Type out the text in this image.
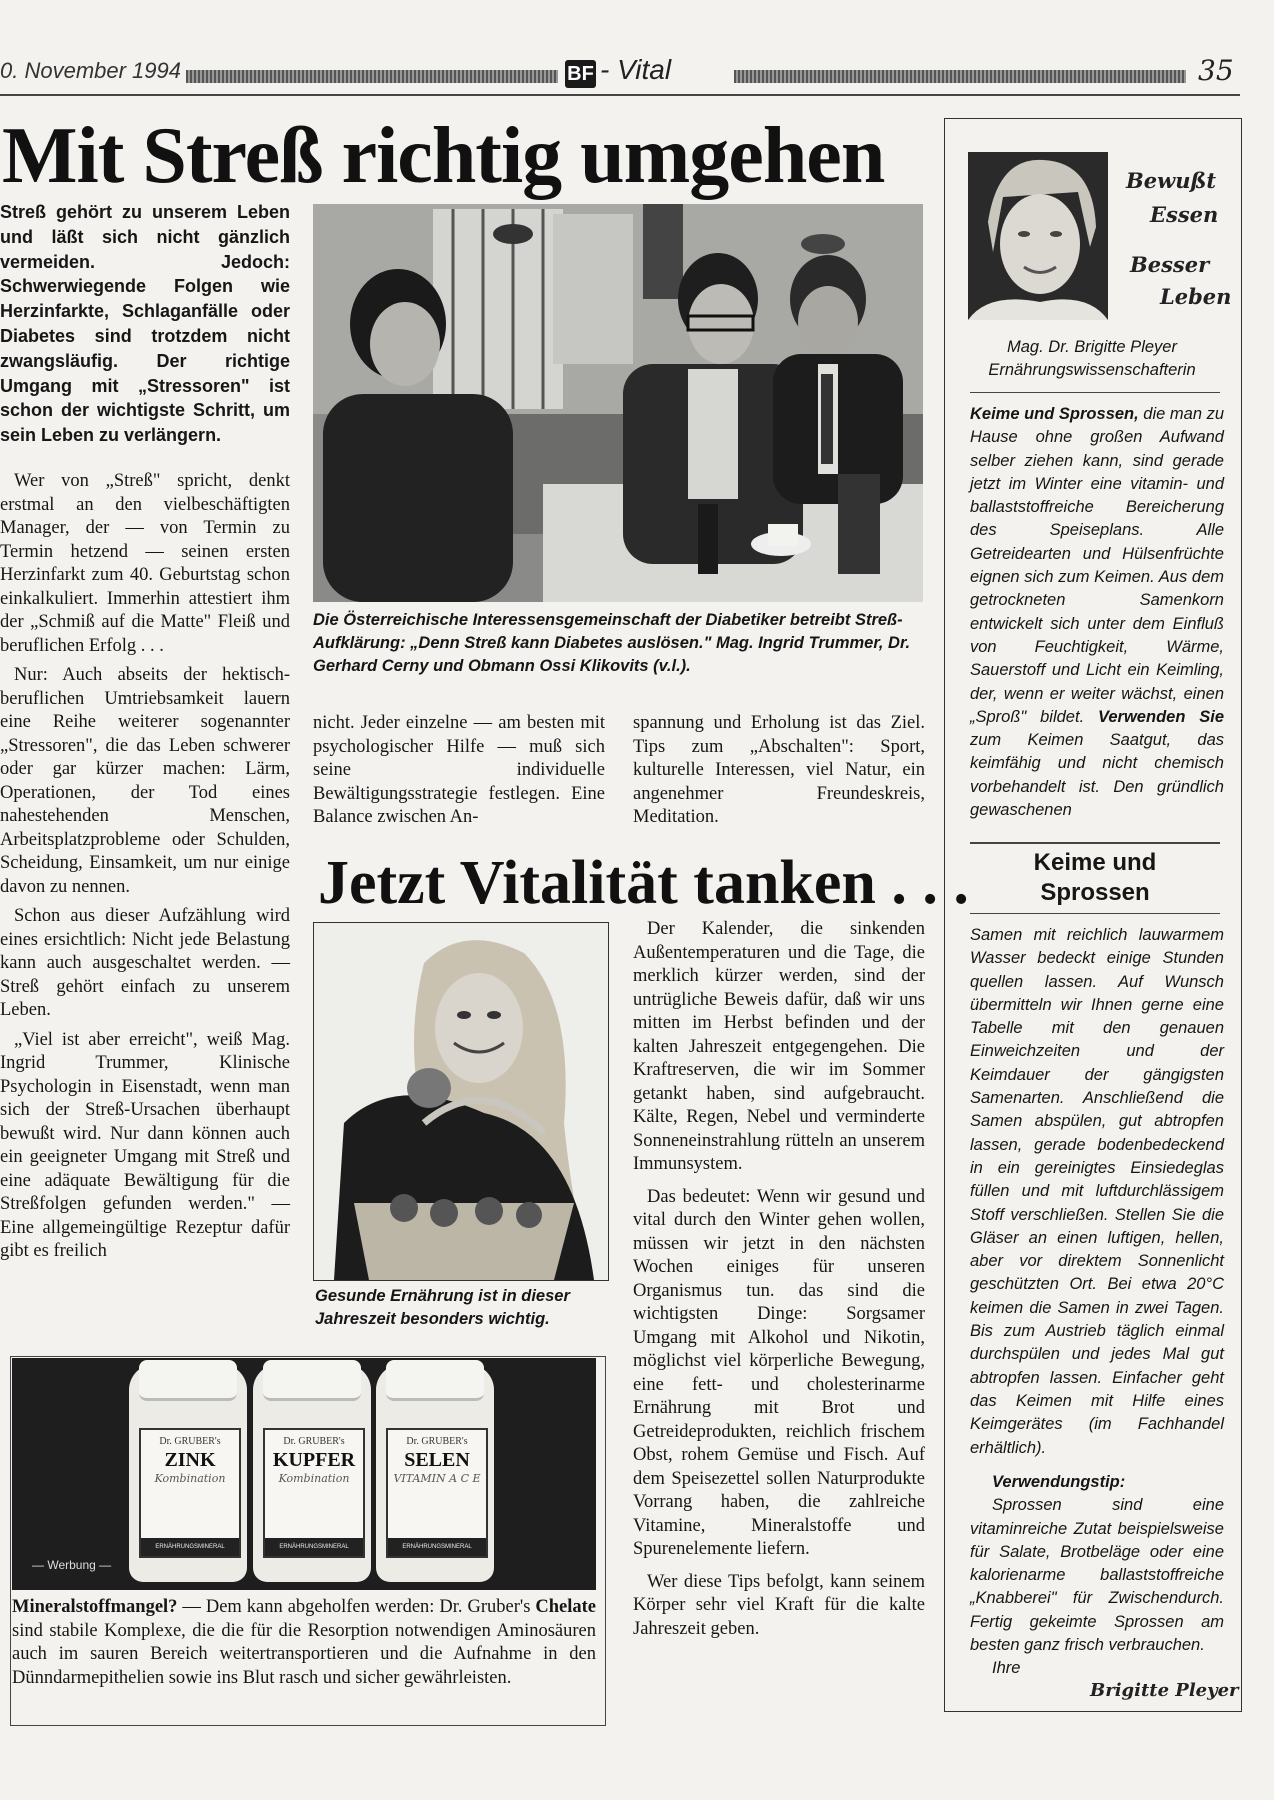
0. November 1994	BF - Vital	35
Mit Streß richtig umgehen
Streß gehört zu unserem Leben und läßt sich nicht gänzlich vermeiden. Jedoch: Schwerwiegende Folgen wie Herzinfarkte, Schlaganfälle oder Diabetes sind trotzdem nicht zwangsläufig. Der richtige Umgang mit „Stressoren" ist schon der wichtigste Schritt, um sein Leben zu verlängern.

Wer von „Streß" spricht, denkt erstmal an den vielbeschäftigten Manager, der — von Termin zu Termin hetzend — seinen ersten Herzinfarkt zum 40. Geburtstag schon einkalkuliert. Immerhin attestiert ihm der „Schmiß auf die Matte" Fleiß und beruflichen Erfolg . . .

Nur: Auch abseits der hektisch-beruflichen Umtriebsamkeit lauern eine Reihe weiterer sogenannter „Stressoren", die das Leben schwerer oder gar kürzer machen: Lärm, Operationen, der Tod eines nahestehenden Menschen, Arbeitsplatzprobleme oder Schulden, Scheidung, Einsamkeit, um nur einige davon zu nennen.

Schon aus dieser Aufzählung wird eines ersichtlich: Nicht jede Belastung kann auch ausgeschaltet werden. — Streß gehört einfach zu unserem Leben.

„Viel ist aber erreicht", weiß Mag. Ingrid Trummer, Klinische Psychologin in Eisenstadt, wenn man sich der Streß-Ursachen überhaupt bewußt wird. Nur dann können auch ein geeigneter Umgang mit Streß und eine adäquate Bewältigung für die Streßfolgen gefunden werden." — Eine allgemeingültige Rezeptur dafür gibt es freilich

Die Österreichische Interessensgemeinschaft der Diabetiker betreibt Streß-Aufklärung: „Denn Streß kann Diabetes auslösen." Mag. Ingrid Trummer, Dr. Gerhard Cerny und Obmann Ossi Klikovits (v.l.).

nicht. Jeder einzelne — am besten mit psychologischer Hilfe — muß sich seine individuelle Bewältigungsstrategie festlegen. Eine Balance zwischen An-

spannung und Erholung ist das Ziel. Tips zum „Abschalten": Sport, kulturelle Interessen, viel Natur, ein angenehmer Freundeskreis, Meditation.

Jetzt Vitalität tanken . . .
Gesunde Ernährung ist in dieser Jahreszeit besonders wichtig.

Der Kalender, die sinkenden Außentemperaturen und die Tage, die merklich kürzer werden, sind der untrügliche Beweis dafür, daß wir uns mitten im Herbst befinden und der kalten Jahreszeit entgegengehen. Die Kraftreserven, die wir im Sommer getankt haben, sind aufgebraucht. Kälte, Regen, Nebel und verminderte Sonneneinstrahlung rütteln an unserem Immunsystem.

Das bedeutet: Wenn wir gesund und vital durch den Winter gehen wollen, müssen wir jetzt in den nächsten Wochen einiges für unseren Organismus tun. das sind die wichtigsten Dinge: Sorgsamer Umgang mit Alkohol und Nikotin, möglichst viel körperliche Bewegung, eine fett- und cholesterinarme Ernährung mit Brot und Getreideprodukten, reichlich frischem Obst, rohem Gemüse und Fisch. Auf dem Speisezettel sollen Naturprodukte Vorrang haben, die zahlreiche Vitamine, Mineralstoffe und Spurenelemente liefern.

Wer diese Tips befolgt, kann seinem Körper sehr viel Kraft für die kalte Jahreszeit geben.

Dr. GRUBER's
ZINK
Kombination
ERNÄHRUNGSMINERAL
Dr. GRUBER's
KUPFER
Kombination
ERNÄHRUNGSMINERAL
Dr. GRUBER's
SELEN
VITAMIN A C E
ERNÄHRUNGSMINERAL
— Werbung —
Mineralstoffmangel? — Dem kann abgeholfen werden: Dr. Gruber's Chelate sind stabile Komplexe, die die für die Resorption notwendigen Aminosäuren auch im sauren Bereich weitertransportieren und die Aufnahme in den Dünndarmepithelien sowie ins Blut rasch und sicher gewährleisten.
Bewußt
Essen
Besser
Leben
Mag. Dr. Brigitte Pleyer
Ernährungswissenschafterin
Keime und Sprossen, die man zu Hause ohne großen Aufwand selber ziehen kann, sind gerade jetzt im Winter eine vitamin- und ballaststoffreiche Bereicherung des Speiseplans. Alle Getreidearten und Hülsenfrüchte eignen sich zum Keimen. Aus dem getrockneten Samenkorn entwickelt sich unter dem Einfluß von Feuchtigkeit, Wärme, Sauerstoff und Licht ein Keimling, der, wenn er weiter wächst, einen „Sproß" bildet. Verwenden Sie zum Keimen Saatgut, das keimfähig und nicht chemisch vorbehandelt ist. Den gründlich gewaschenen
Keime und Sprossen
Samen mit reichlich lauwarmem Wasser bedeckt einige Stunden quellen lassen. Auf Wunsch übermitteln wir Ihnen gerne eine Tabelle mit den genauen Einweichzeiten und der Keimdauer der gängigsten Samenarten. Anschließend die Samen abspülen, gut abtropfen lassen, gerade bodenbedeckend in ein gereinigtes Einsiedeglas füllen und mit luftdurchlässigem Stoff verschließen. Stellen Sie die Gläser an einen luftigen, hellen, aber vor direktem Sonnenlicht geschützten Ort. Bei etwa 20°C keimen die Samen in zwei Tagen. Bis zum Austrieb täglich einmal durchspülen und jedes Mal gut abtropfen lassen. Einfacher geht das Keimen mit Hilfe eines Keimgerätes (im Fachhandel erhältlich).
Verwendungstip:
Sprossen sind eine vitaminreiche Zutat beispielsweise für Salate, Brotbeläge oder eine kalorienarme ballaststoffreiche „Knabberei" für Zwischendurch. Fertig gekeimte Sprossen am besten ganz frisch verbrauchen.
Ihre
Brigitte Pleyer
